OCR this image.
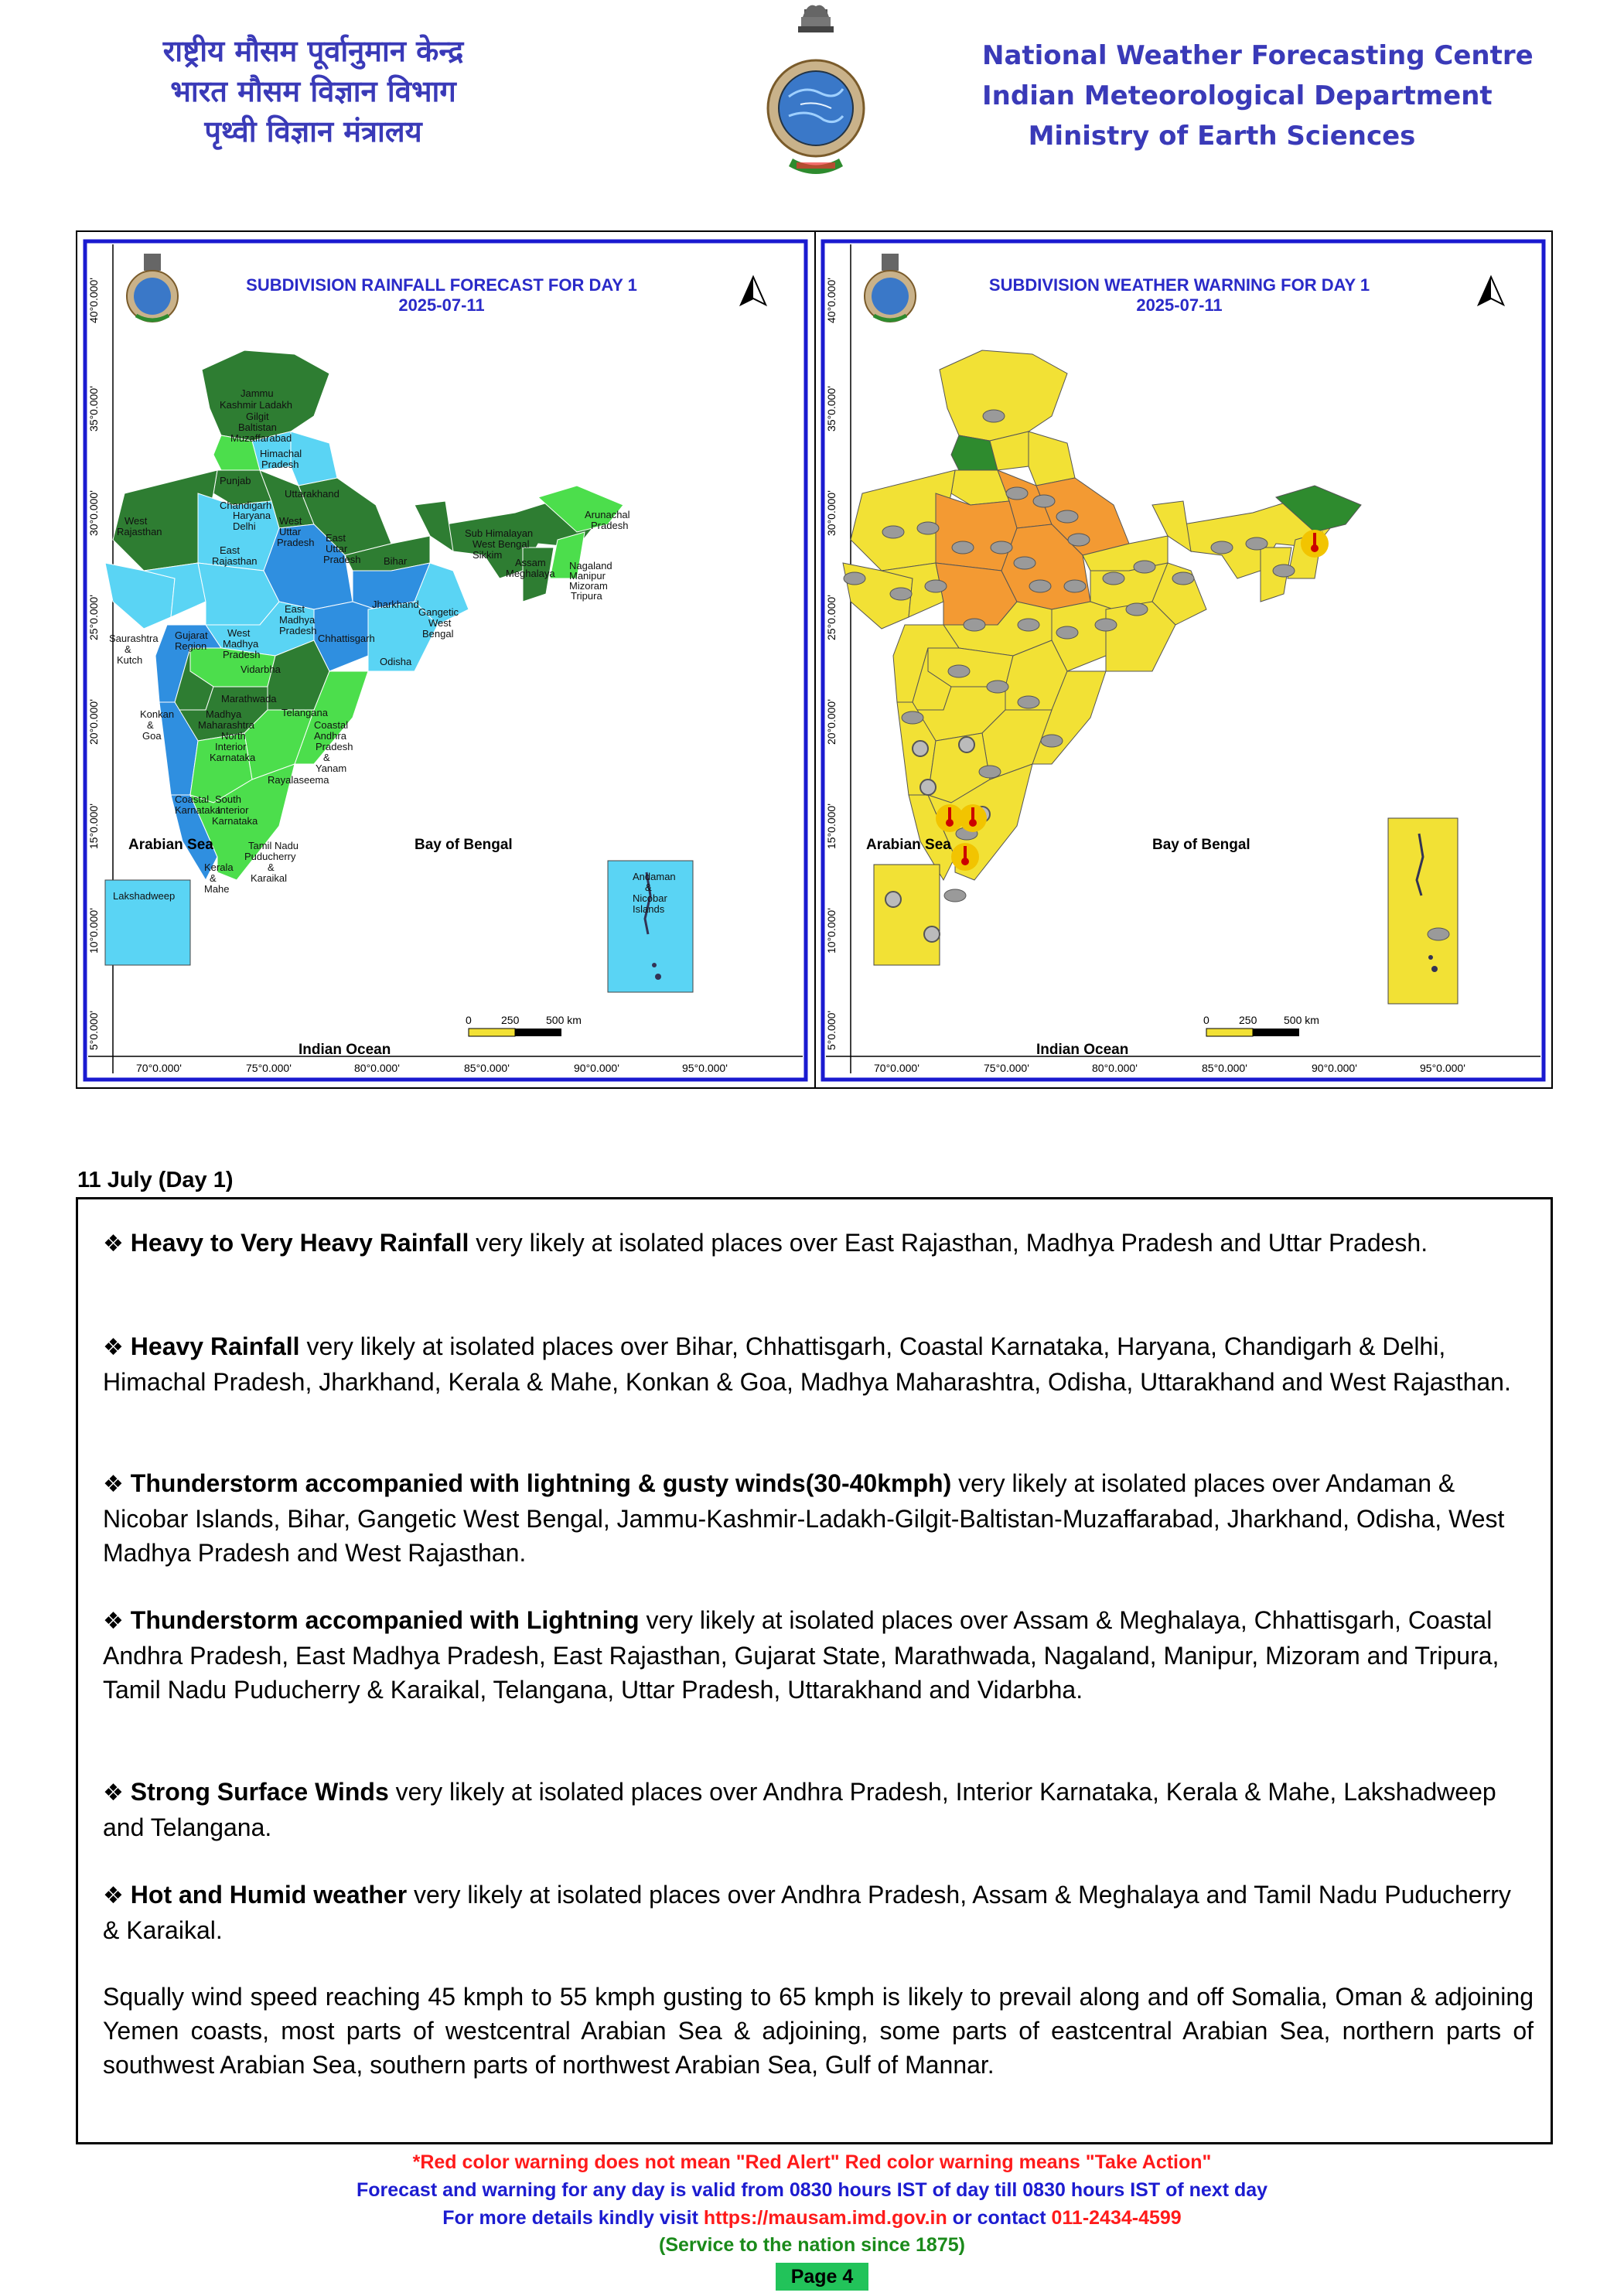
राष्ट्रीय मौसम पूर्वानुमान केन्द्र
भारत मौसम विज्ञान विभाग
पृथ्वी विज्ञान मंत्रालय
National Weather Forecasting Centre
Indian Meteorological Department
Ministry of Earth Sciences
40°0.000'
35°0.000'
30°0.000'
25°0.000'
20°0.000'
15°0.000'
10°0.000'
5°0.000'
70°0.000'	75°0.000'	80°0.000'	85°0.000'	90°0.000'	95°0.000'
SUBDIVISION RAINFALL FORECAST FOR DAY 1
2025-07-11
Jammu
Kashmir Ladakh
Gilgit
Baltistan
Muzaffarabad
Himachal
Pradesh
Punjab
Uttarakhand
Chandigarh
Haryana
Delhi West
Uttar
Pradesh East
Uttar
Pradesh
West
Rajasthan
East
Rajasthan	Bihar
Sub Himalayan
West Bengal
Sikkim
Arunachal
Pradesh
Assam
Meghalaya
Nagaland
Manipur
Mizoram
Tripura
Saurashtra
&
Kutch
Gujarat
Region
West
Madhya
Pradesh
East
Madhya
Pradesh
Jharkhand
Gangetic
West
Bengal
Chhattisgarh
Odisha
Vidarbha
Marathwada
Konkan
&
Goa
Madhya
Maharashtra
North
Interior
Karnataka
Telangana
Coastal
Andhra
Pradesh
&
Yanam
Rayalaseema
Coastal
Karnataka
South
Interior
Karnataka
Tamil Nadu
Puducherry
&
Karaikal
Kerala
&
Mahe
Lakshadweep
Andaman
&
Nicobar
Islands
Arabian Sea	Bay of Bengal
Indian Ocean
0	250 500 km
40°0.000'
35°0.000'
30°0.000'
25°0.000'
20°0.000'
15°0.000'
10°0.000'
5°0.000'
70°0.000'	75°0.000'	80°0.000'	85°0.000'	90°0.000'	95°0.000'
SUBDIVISION WEATHER WARNING FOR DAY 1
2025-07-11
Arabian Sea	Bay of Bengal
Indian Ocean
0	250 500 km
11 July (Day 1)
❖ Heavy to Very Heavy Rainfall very likely at isolated places over East Rajasthan, Madhya Pradesh and Uttar Pradesh.
❖ Heavy Rainfall very likely at isolated places over Bihar, Chhattisgarh, Coastal Karnataka, Haryana, Chandigarh & Delhi, Himachal Pradesh, Jharkhand, Kerala & Mahe, Konkan & Goa, Madhya Maharashtra, Odisha, Uttarakhand and West Rajasthan.
❖ Thunderstorm accompanied with lightning & gusty winds(30-40kmph) very likely at isolated places over Andaman & Nicobar Islands, Bihar, Gangetic West Bengal, Jammu-Kashmir-Ladakh-Gilgit-Baltistan-Muzaffarabad, Jharkhand, Odisha, West Madhya Pradesh and West Rajasthan.
❖ Thunderstorm accompanied with Lightning very likely at isolated places over Assam & Meghalaya, Chhattisgarh, Coastal Andhra Pradesh, East Madhya Pradesh, East Rajasthan, Gujarat State, Marathwada, Nagaland, Manipur, Mizoram and Tripura, Tamil Nadu Puducherry & Karaikal, Telangana, Uttar Pradesh, Uttarakhand and Vidarbha.
❖ Strong Surface Winds very likely at isolated places over Andhra Pradesh, Interior Karnataka, Kerala & Mahe, Lakshadweep and Telangana.
❖ Hot and Humid weather very likely at isolated places over Andhra Pradesh, Assam & Meghalaya and Tamil Nadu Puducherry & Karaikal.
Squally wind speed reaching 45 kmph to 55 kmph gusting to 65 kmph is likely to prevail along and off Somalia, Oman & adjoining Yemen coasts, most parts of westcentral Arabian Sea & adjoining, some parts of eastcentral Arabian Sea, northern parts of southwest Arabian Sea, southern parts of northwest Arabian Sea, Gulf of Mannar.
*Red color warning does not mean "Red Alert" Red color warning means "Take Action"
Forecast and warning for any day is valid from 0830 hours IST of day till 0830 hours IST of next day
For more details kindly visit https://mausam.imd.gov.in or contact 011-2434-4599
(Service to the nation since 1875)
Page 4
